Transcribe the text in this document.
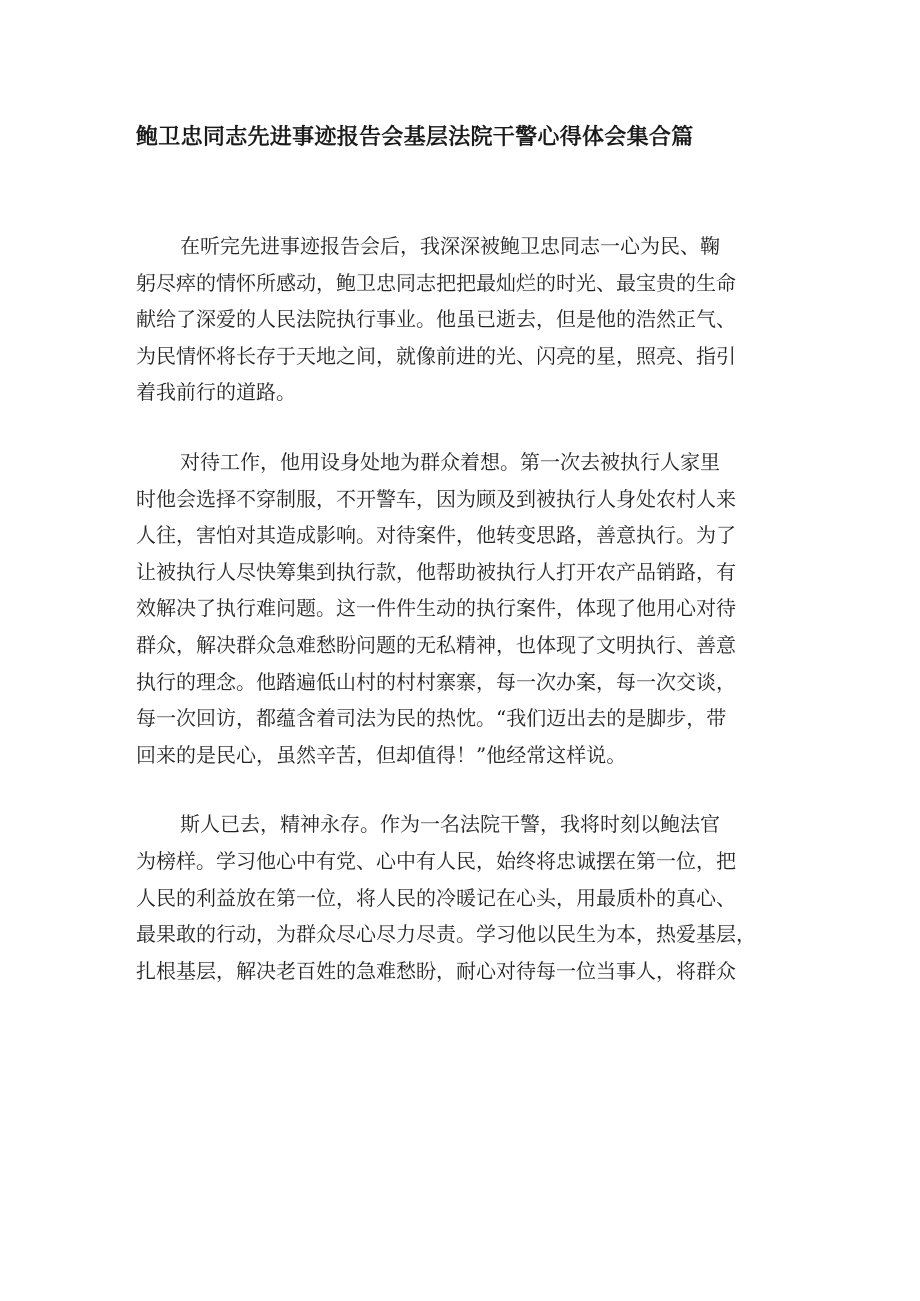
鲍卫忠同志先进事迹报告会基层法院干警心得体会集合篇

在听完先进事迹报告会后，我深深被鲍卫忠同志一心为民、鞠
躬尽瘁的情怀所感动，鲍卫忠同志把把最灿烂的时光、最宝贵的生命
献给了深爱的人民法院执行事业。他虽已逝去，但是他的浩然正气、
为民情怀将长存于天地之间，就像前进的光、闪亮的星，照亮、指引
着我前行的道路。

对待工作，他用设身处地为群众着想。第一次去被执行人家里
时他会选择不穿制服，不开警车，因为顾及到被执行人身处农村人来
人往，害怕对其造成影响。对待案件，他转变思路，善意执行。为了
让被执行人尽快筹集到执行款，他帮助被执行人打开农产品销路，有
效解决了执行难问题。这一件件生动的执行案件，体现了他用心对待
群众，解决群众急难愁盼问题的无私精神，也体现了文明执行、善意
执行的理念。他踏遍低山村的村村寨寨，每一次办案，每一次交谈，
每一次回访，都蕴含着司法为民的热忱。“我们迈出去的是脚步，带
回来的是民心，虽然辛苦，但却值得！”他经常这样说。

斯人已去，精神永存。作为一名法院干警，我将时刻以鲍法官
为榜样。学习他心中有党、心中有人民，始终将忠诚摆在第一位，把
人民的利益放在第一位，将人民的冷暖记在心头，用最质朴的真心、
最果敢的行动，为群众尽心尽力尽责。学习他以民生为本，热爱基层，
扎根基层，解决老百姓的急难愁盼，耐心对待每一位当事人，将群众
